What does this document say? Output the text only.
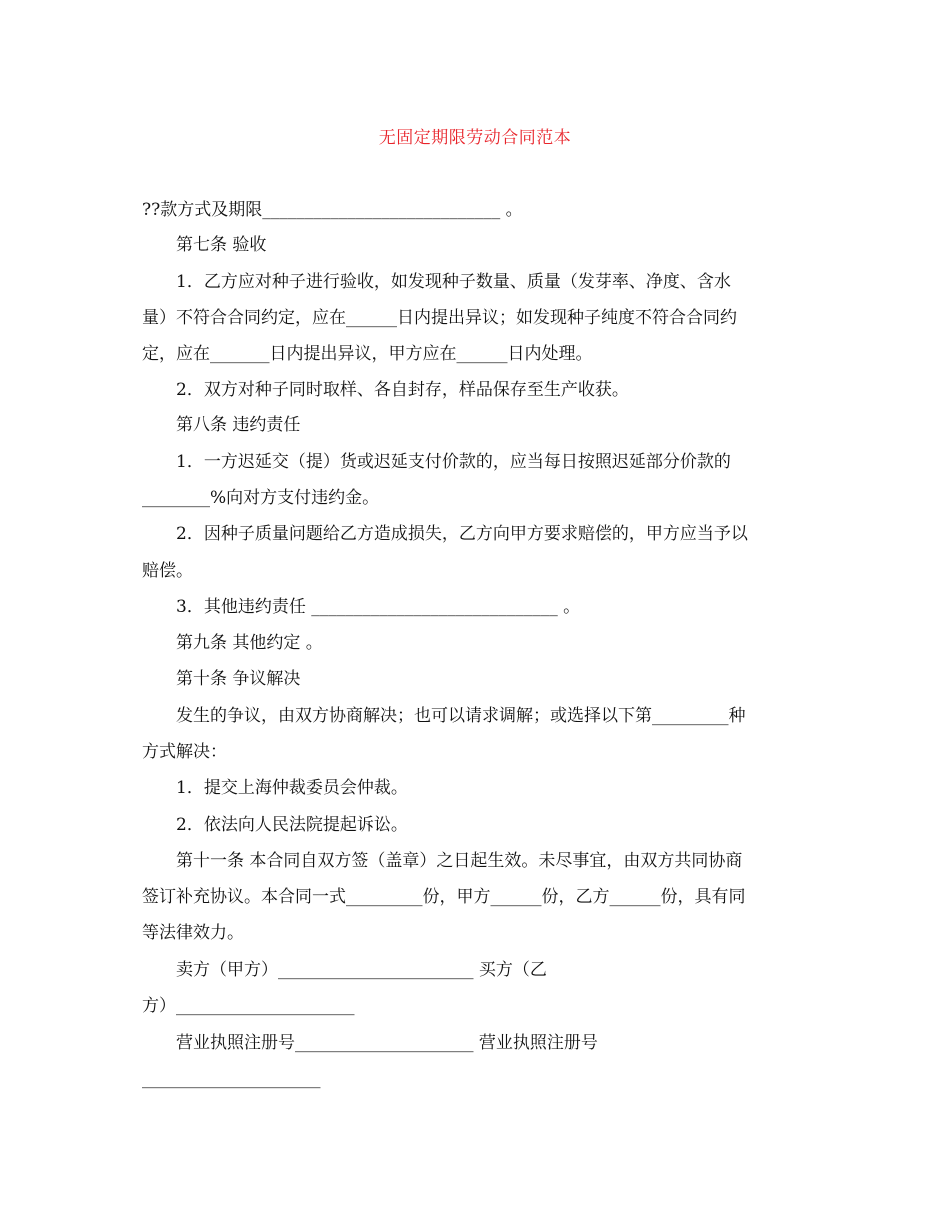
无固定期限劳动合同范本
??款方式及期限____________________________ 。
第七条 验收
1．乙方应对种子进行验收，如发现种子数量、质量（发芽率、净度、含水
量）不符合合同约定，应在______日内提出异议；如发现种子纯度不符合合同约
定，应在_______日内提出异议，甲方应在______日内处理。
2．双方对种子同时取样、各自封存，样品保存至生产收获。
第八条 违约责任
1．一方迟延交（提）货或迟延支付价款的，应当每日按照迟延部分价款的
________%向对方支付违约金。
2．因种子质量问题给乙方造成损失，乙方向甲方要求赔偿的，甲方应当予以
赔偿。
3．其他违约责任 _____________________________ 。
第九条 其他约定 。
第十条 争议解决
发生的争议，由双方协商解决；也可以请求调解；或选择以下第_________种
方式解决：
1．提交上海仲裁委员会仲裁。
2．依法向人民法院提起诉讼。
第十一条 本合同自双方签（盖章）之日起生效。未尽事宜，由双方共同协商
签订补充协议。本合同一式_________份，甲方______份，乙方______份，具有同
等法律效力。
卖方（甲方）_______________________ 买方（乙
方）_____________________
营业执照注册号_____________________ 营业执照注册号
_____________________
